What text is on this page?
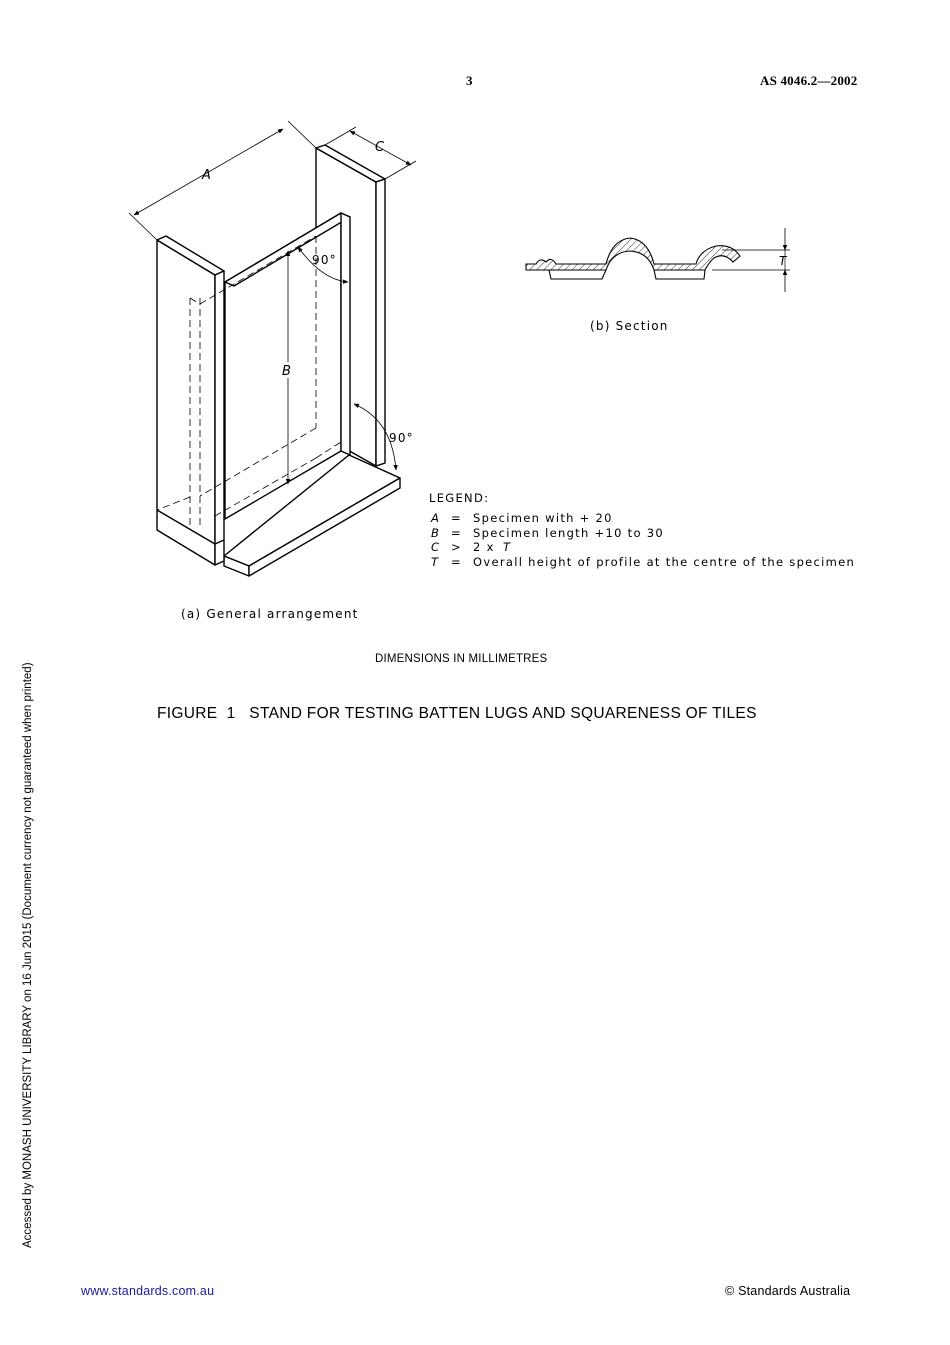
3	AS 4046.2—2002
Accessed by MONASH UNIVERSITY LIBRARY on 16 Jun 2015 (Document currency not guaranteed when printed)
A
C
B
90°
90°
(a) General arrangement
T
(b) Section
LEGEND:
A = Specimen with + 20
B = Specimen length +10 to 30
C > 2 x T
T = Overall height of profile at the centre of the specimen
DIMENSIONS IN MILLIMETRES
FIGURE  1   STAND FOR TESTING BATTEN LUGS AND SQUARENESS OF TILES
www.standards.com.au	© Standards Australia
